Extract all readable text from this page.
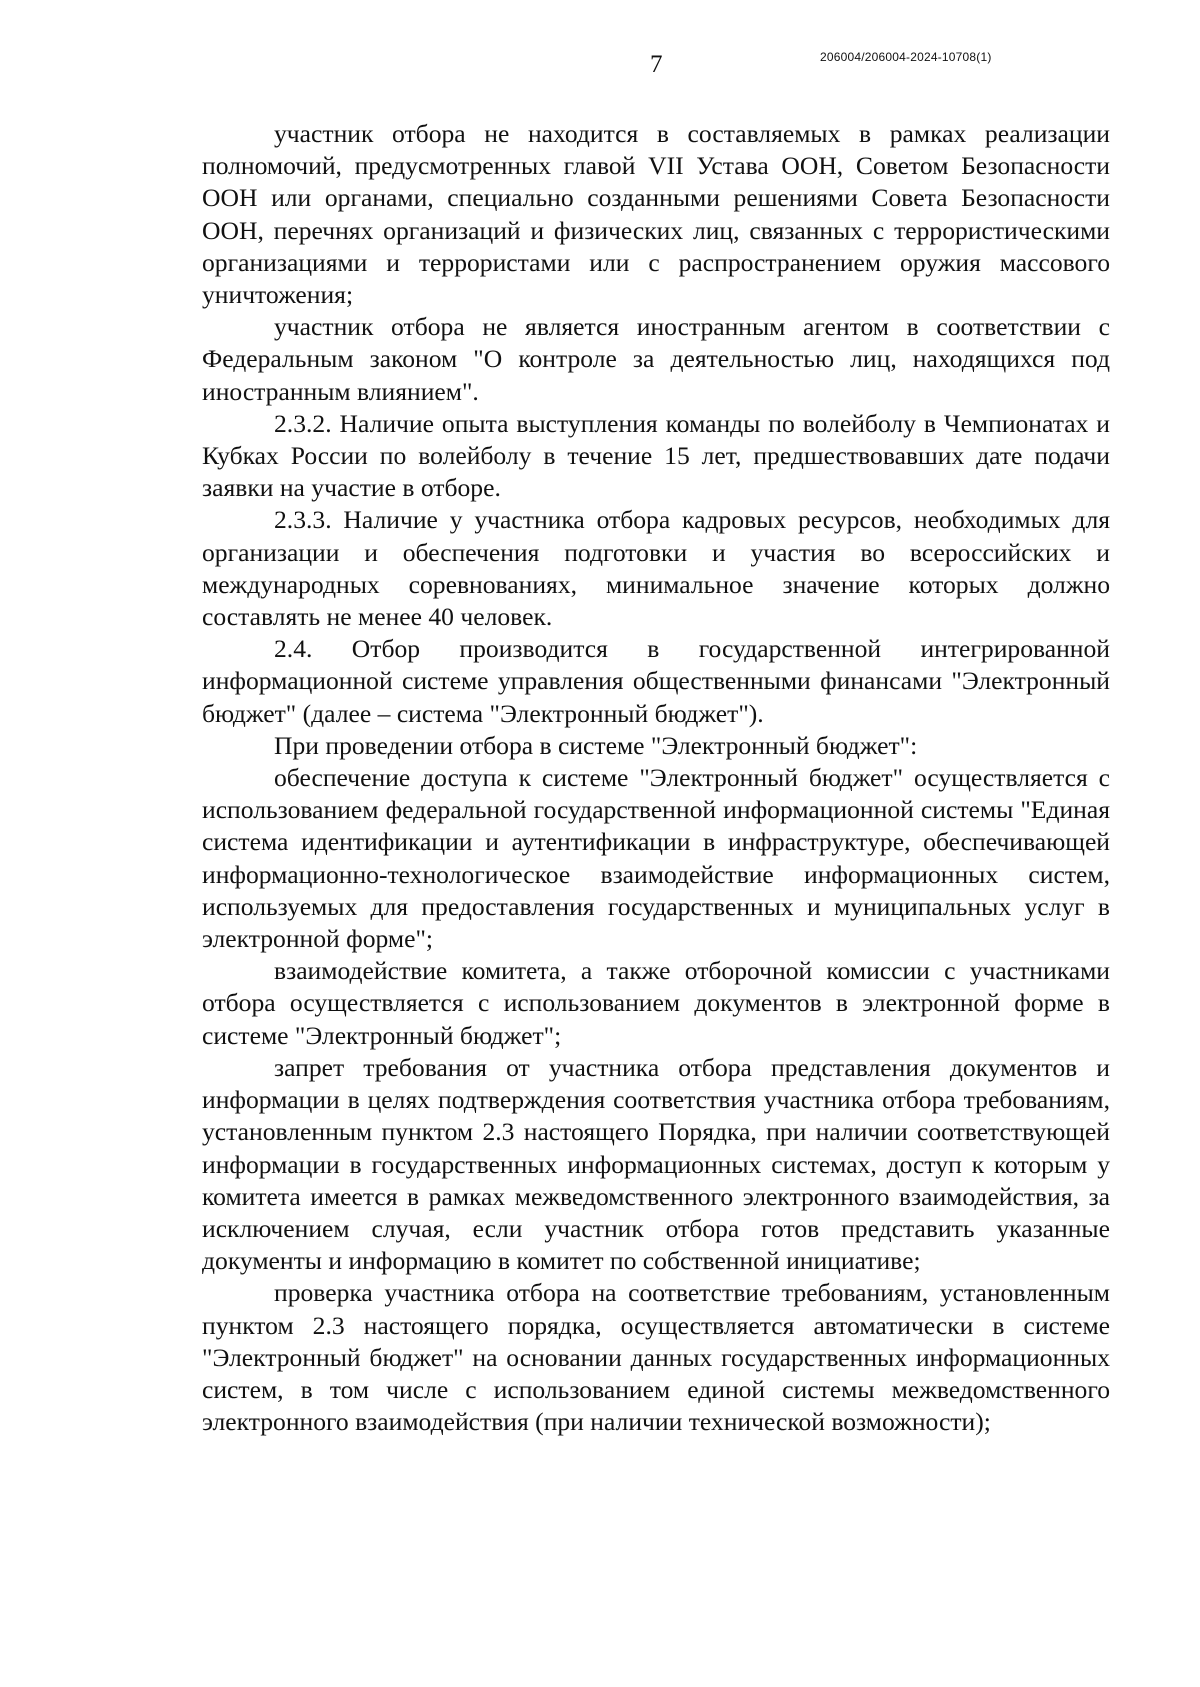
7	206004/206004-2024-10708(1)

участник отбора не находится в составляемых в рамках реализации полномочий, предусмотренных главой VII Устава ООН, Советом Безопасности ООН или органами, специально созданными решениями Совета Безопасности ООН, перечнях организаций и физических лиц, связанных с террористическими организациями и террористами или с распространением оружия массового уничтожения;

участник отбора не является иностранным агентом в соответствии с Федеральным законом "О контроле за деятельностью лиц, находящихся под иностранным влиянием".

2.3.2. Наличие опыта выступления команды по волейболу в Чемпионатах и Кубках России по волейболу в течение 15 лет, предшествовавших дате подачи заявки на участие в отборе.

2.3.3. Наличие у участника отбора кадровых ресурсов, необходимых для организации и обеспечения подготовки и участия во всероссийских и международных соревнованиях, минимальное значение которых должно составлять не менее 40 человек.

2.4. Отбор производится в государственной интегрированной информационной системе управления общественными финансами "Электронный бюджет" (далее – система "Электронный бюджет").

При проведении отбора в системе "Электронный бюджет":

обеспечение доступа к системе "Электронный бюджет" осуществляется с использованием федеральной государственной информационной системы "Единая система идентификации и аутентификации в инфраструктуре, обеспечивающей информационно-технологическое взаимодействие информационных систем, используемых для предоставления государственных и муниципальных услуг в электронной форме";

взаимодействие комитета, а также отборочной комиссии с участниками отбора осуществляется с использованием документов в электронной форме в системе "Электронный бюджет";

запрет требования от участника отбора представления документов и информации в целях подтверждения соответствия участника отбора требованиям, установленным пунктом 2.3 настоящего Порядка, при наличии соответствующей информации в государственных информационных системах, доступ к которым у комитета имеется в рамках межведомственного электронного взаимодействия, за исключением случая, если участник отбора готов представить указанные документы и информацию в комитет по собственной инициативе;

проверка участника отбора на соответствие требованиям, установленным пунктом 2.3 настоящего порядка, осуществляется автоматически в системе "Электронный бюджет" на основании данных государственных информационных систем, в том числе с использованием единой системы межведомственного электронного взаимодействия (при наличии технической возможности);
